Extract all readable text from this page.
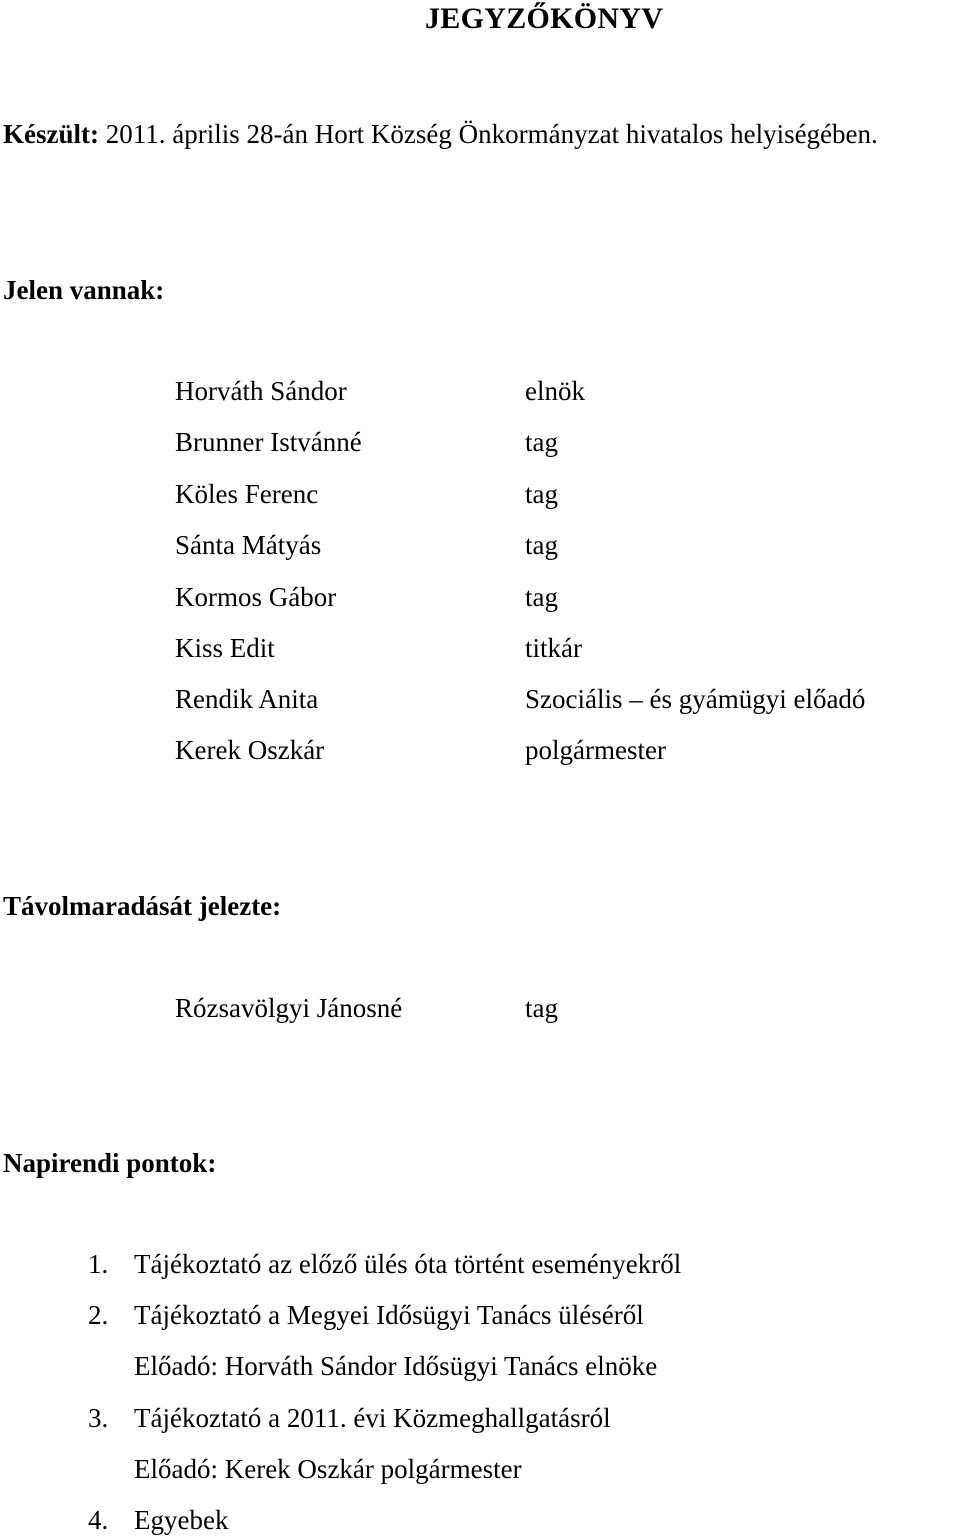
JEGYZŐKÖNYV
Készült: 2011. április 28-án Hort Község Önkormányzat hivatalos helyiségében.
Jelen vannak:
Horváth Sándor	elnök
Brunner Istvánné	tag
Köles Ferenc	tag
Sánta Mátyás	tag
Kormos Gábor	tag
Kiss Edit	titkár
Rendik Anita	Szociális – és gyámügyi előadó
Kerek Oszkár	polgármester
Távolmaradását jelezte:
Rózsavölgyi Jánosné	tag
Napirendi pontok:
1. Tájékoztató az előző ülés óta történt eseményekről
2. Tájékoztató a Megyei Idősügyi Tanács üléséről
Előadó: Horváth Sándor Idősügyi Tanács elnöke
3. Tájékoztató a 2011. évi Közmeghallgatásról
Előadó: Kerek Oszkár polgármester
4. Egyebek
